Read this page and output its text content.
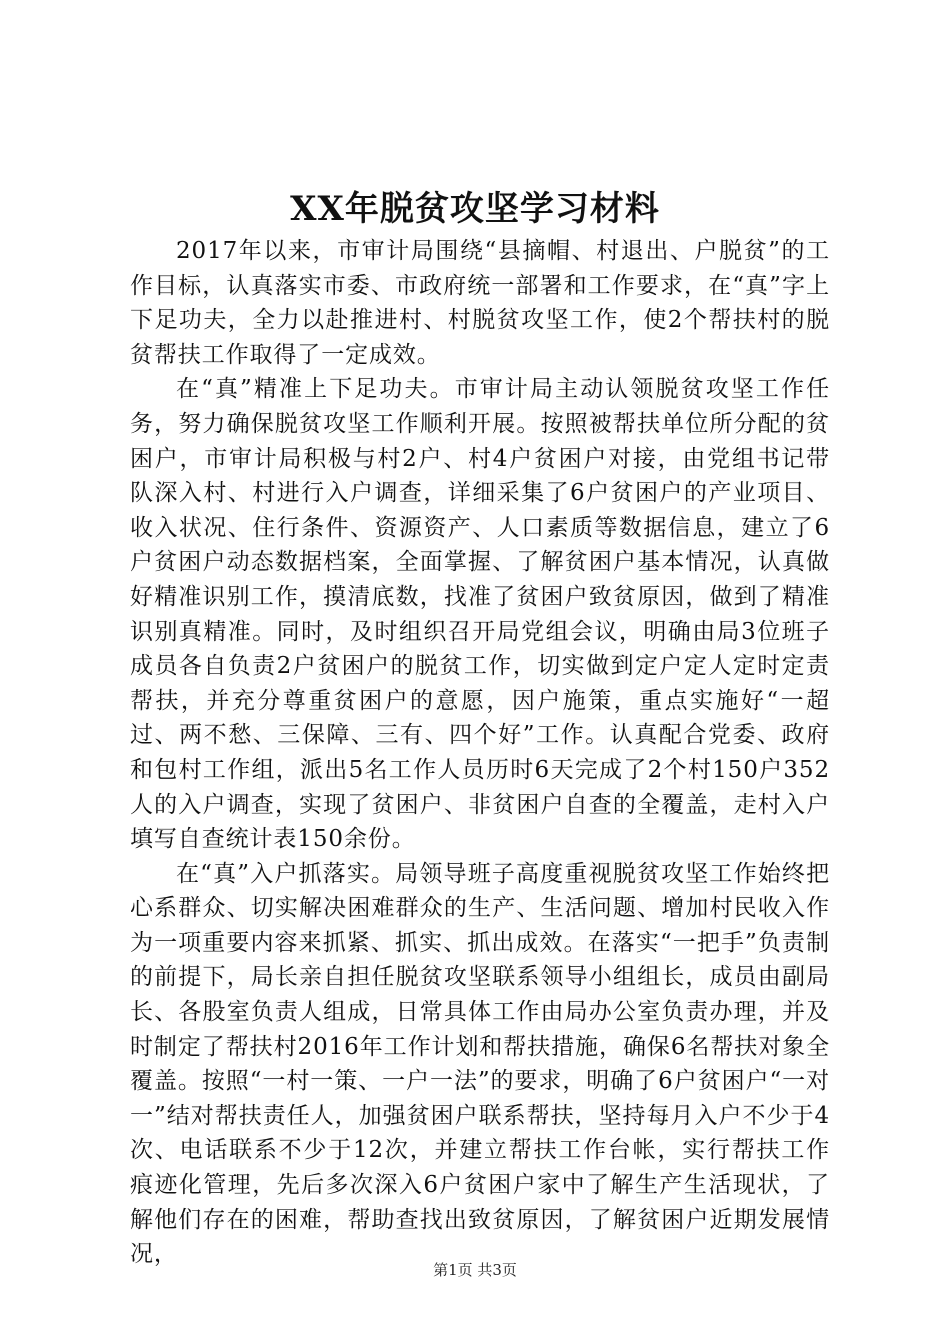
XX年脱贫攻坚学习材料

2017年以来，市审计局围绕“县摘帽、村退出、户脱贫”的工作目标，认真落实市委、市政府统一部署和工作要求，在“真”字上下足功夫，全力以赴推进村、村脱贫攻坚工作，使2个帮扶村的脱贫帮扶工作取得了一定成效。

在“真”精准上下足功夫。市审计局主动认领脱贫攻坚工作任务，努力确保脱贫攻坚工作顺利开展。按照被帮扶单位所分配的贫困户，市审计局积极与村2户、村4户贫困户对接，由党组书记带队深入村、村进行入户调查，详细采集了6户贫困户的产业项目、收入状况、住行条件、资源资产、人口素质等数据信息，建立了6户贫困户动态数据档案，全面掌握、了解贫困户基本情况，认真做好精准识别工作，摸清底数，找准了贫困户致贫原因，做到了精准识别真精准。同时，及时组织召开局党组会议，明确由局3位班子成员各自负责2户贫困户的脱贫工作，切实做到定户定人定时定责帮扶，并充分尊重贫困户的意愿，因户施策，重点实施好“一超过、两不愁、三保障、三有、四个好”工作。认真配合党委、政府和包村工作组，派出5名工作人员历时6天完成了2个村150户352人的入户调查，实现了贫困户、非贫困户自查的全覆盖，走村入户填写自查统计表150余份。

在“真”入户抓落实。局领导班子高度重视脱贫攻坚工作始终把心系群众、切实解决困难群众的生产、生活问题、增加村民收入作为一项重要内容来抓紧、抓实、抓出成效。在落实“一把手”负责制的前提下，局长亲自担任脱贫攻坚联系领导小组组长，成员由副局长、各股室负责人组成，日常具体工作由局办公室负责办理，并及时制定了帮扶村2016年工作计划和帮扶措施，确保6名帮扶对象全覆盖。按照“一村一策、一户一法”的要求，明确了6户贫困户“一对一”结对帮扶责任人，加强贫困户联系帮扶，坚持每月入户不少于4次、电话联系不少于12次，并建立帮扶工作台帐，实行帮扶工作痕迹化管理，先后多次深入6户贫困户家中了解生产生活现状，了解他们存在的困难，帮助查找出致贫原因，了解贫困户近期发展情况，

第1页 共3页
